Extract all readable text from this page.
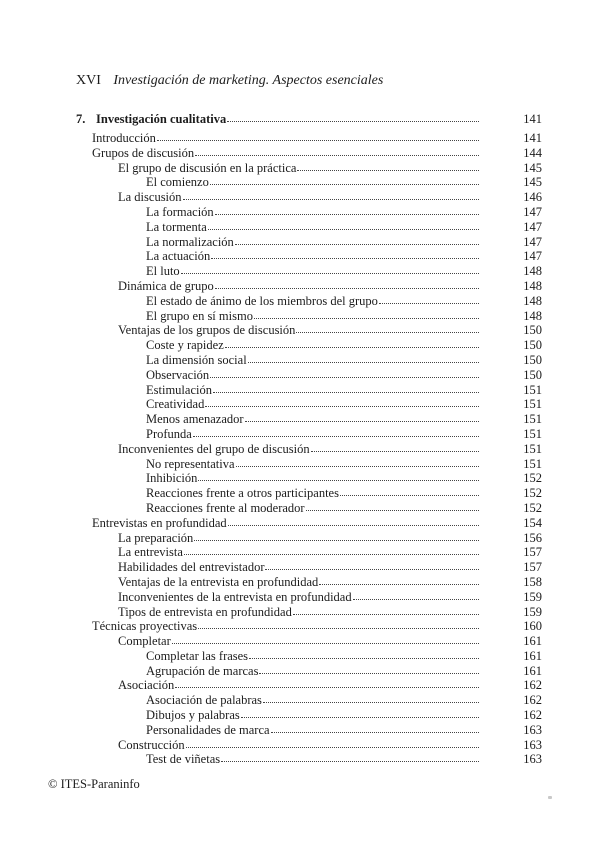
XVI Investigación de marketing. Aspectos esenciales
7. Investigación cualitativa	141
Introducción	141
Grupos de discusión	144
El grupo de discusión en la práctica	145
El comienzo	145
La discusión	146
La formación	147
La tormenta	147
La normalización	147
La actuación	147
El luto	148
Dinámica de grupo	148
El estado de ánimo de los miembros del grupo	148
El grupo en sí mismo	148
Ventajas de los grupos de discusión	150
Coste y rapidez	150
La dimensión social	150
Observación	150
Estimulación	151
Creatividad	151
Menos amenazador	151
Profunda	151
Inconvenientes del grupo de discusión	151
No representativa	151
Inhibición	152
Reacciones frente a otros participantes	152
Reacciones frente al moderador	152
Entrevistas en profundidad	154
La preparación	156
La entrevista	157
Habilidades del entrevistador	157
Ventajas de la entrevista en profundidad	158
Inconvenientes de la entrevista en profundidad	159
Tipos de entrevista en profundidad	159
Técnicas proyectivas	160
Completar	161
Completar las frases	161
Agrupación de marcas	161
Asociación	162
Asociación de palabras	162
Dibujos y palabras	162
Personalidades de marca	163
Construcción	163
Test de viñetas	163
© ITES-Paraninfo
